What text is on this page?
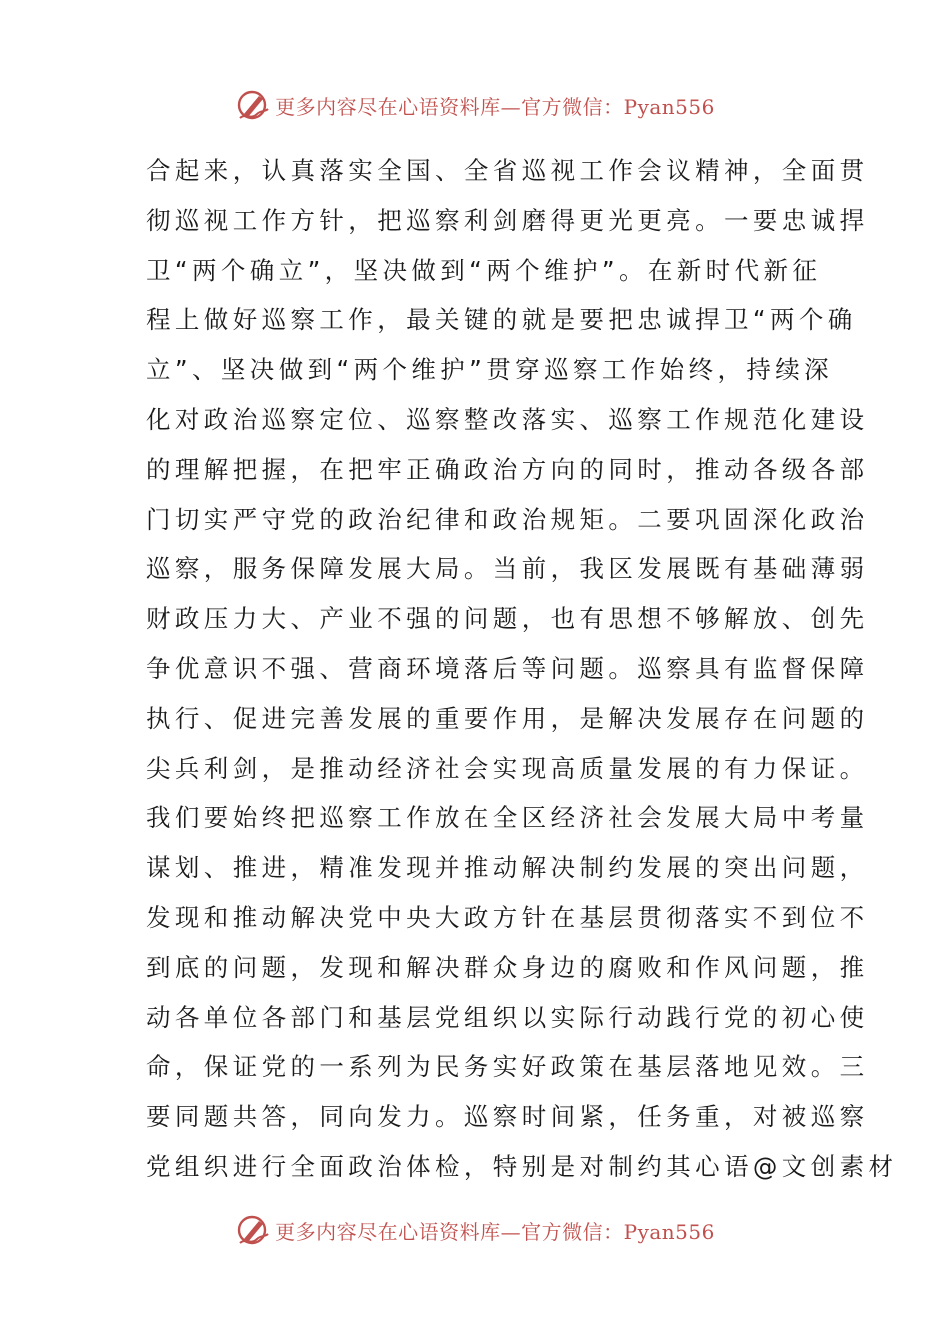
更多内容尽在心语资料库—官方微信：Pyan556
合起来，认真落实全国、全省巡视工作会议精神，全面贯
彻巡视工作方针，把巡察利剑磨得更光更亮。一要忠诚捍
卫“两个确立”，坚决做到“两个维护”。在新时代新征
程上做好巡察工作，最关键的就是要把忠诚捍卫“两个确
立”、坚决做到“两个维护”贯穿巡察工作始终，持续深
化对政治巡察定位、巡察整改落实、巡察工作规范化建设
的理解把握，在把牢正确政治方向的同时，推动各级各部
门切实严守党的政治纪律和政治规矩。二要巩固深化政治
巡察，服务保障发展大局。当前，我区发展既有基础薄弱
财政压力大、产业不强的问题，也有思想不够解放、创先
争优意识不强、营商环境落后等问题。巡察具有监督保障
执行、促进完善发展的重要作用，是解决发展存在问题的
尖兵利剑，是推动经济社会实现高质量发展的有力保证。
我们要始终把巡察工作放在全区经济社会发展大局中考量
谋划、推进，精准发现并推动解决制约发展的突出问题，
发现和推动解决党中央大政方针在基层贯彻落实不到位不
到底的问题，发现和解决群众身边的腐败和作风问题，推
动各单位各部门和基层党组织以实际行动践行党的初心使
命，保证党的一系列为民务实好政策在基层落地见效。三
要同题共答，同向发力。巡察时间紧，任务重，对被巡察
党组织进行全面政治体检，特别是对制约其心语@文创素材
更多内容尽在心语资料库—官方微信：Pyan556
